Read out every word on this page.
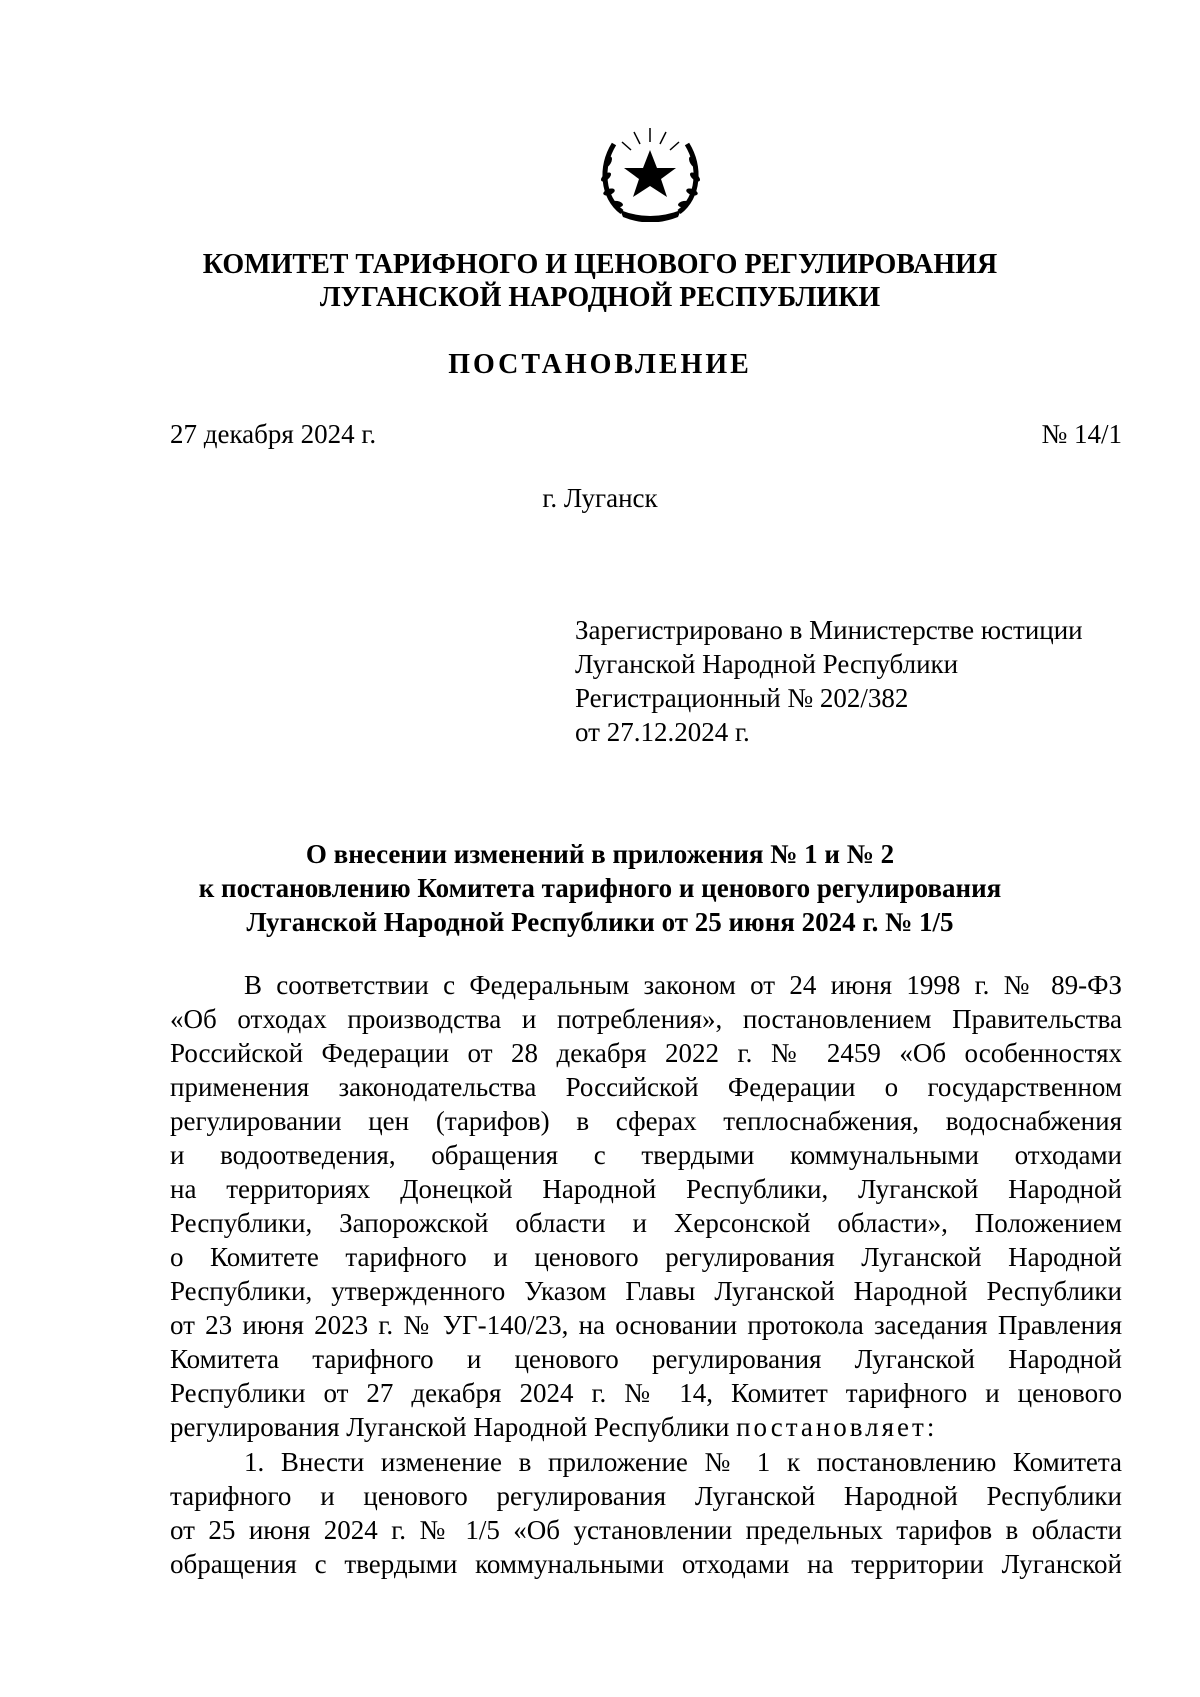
КОМИТЕТ ТАРИФНОГО И ЦЕНОВОГО РЕГУЛИРОВАНИЯ
ЛУГАНСКОЙ НАРОДНОЙ РЕСПУБЛИКИ
ПОСТАНОВЛЕНИЕ
27 декабря 2024 г.	№ 14/1
г. Луганск
Зарегистрировано в Министерстве юстиции
Луганской Народной Республики
Регистрационный № 202/382
от 27.12.2024 г.
О внесении изменений в приложения № 1 и № 2
к постановлению Комитета тарифного и ценового регулирования
Луганской Народной Республики от 25 июня 2024 г. № 1/5
В соответствии с Федеральным законом от 24 июня 1998 г. № 89-ФЗ
«Об отходах производства и потребления», постановлением Правительства
Российской Федерации от 28 декабря 2022 г. № 2459 «Об особенностях
применения законодательства Российской Федерации о государственном
регулировании цен (тарифов) в сферах теплоснабжения, водоснабжения
и водоотведения, обращения с твердыми коммунальными отходами
на территориях Донецкой Народной Республики, Луганской Народной
Республики, Запорожской области и Херсонской области», Положением
о Комитете тарифного и ценового регулирования Луганской Народной
Республики, утвержденного Указом Главы Луганской Народной Республики
от 23 июня 2023 г. № УГ-140/23, на основании протокола заседания Правления
Комитета тарифного и ценового регулирования Луганской Народной
Республики от 27 декабря 2024 г. № 14, Комитет тарифного и ценового
регулирования Луганской Народной Республики постановляет:
1. Внести изменение в приложение № 1 к постановлению Комитета
тарифного и ценового регулирования Луганской Народной Республики
от 25 июня 2024 г. № 1/5 «Об установлении предельных тарифов в области
обращения с твердыми коммунальными отходами на территории Луганской
